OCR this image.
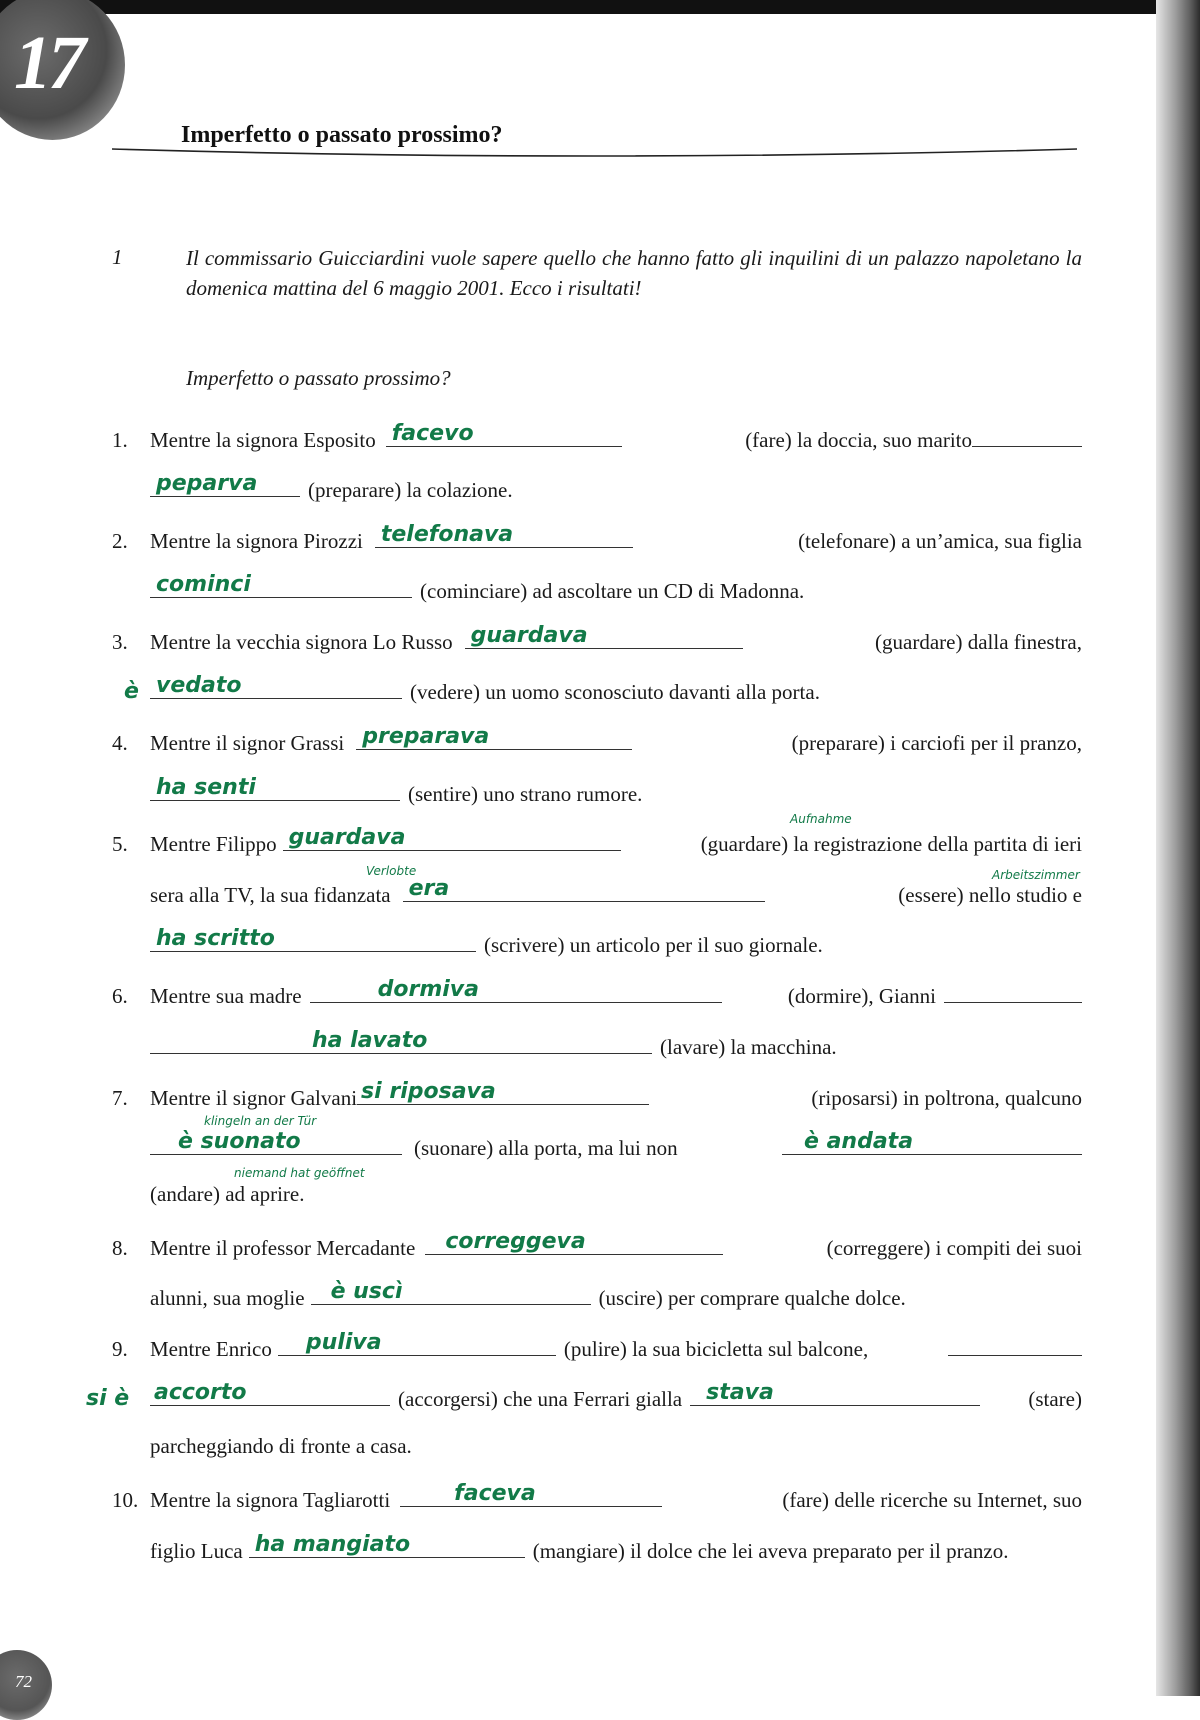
17
Imperfetto o passato prossimo?
1	Il commissario Guicciardini vuole sapere quello che hanno fatto gli inquilini di un palazzo napoletano la domenica mattina del 6 maggio 2001. Ecco i risultati!
Imperfetto o passato prossimo?
1.	Mentre la signora Esposito facevo	(fare) la doccia, suo marito
peparva (preparare) la colazione.
2.	Mentre la signora Pirozzi telefonava	(telefonare) a un’amica, sua figlia
cominci	(cominciare) ad ascoltare un CD di Madonna.
3.	Mentre la vecchia signora Lo Russo guardava	(guardare) dalla finestra,
è vedato	(vedere) un uomo sconosciuto davanti alla porta.
4.	Mentre il signor Grassi preparava	(preparare) i carciofi per il pranzo,
ha senti	(sentire) uno strano rumore.
5.	Mentre Filippo guardava	(guardare) la registrazione della partita di ieri
sera alla TV, la sua fidanzata era	(essere) nello studio e
ha scritto	(scrivere) un articolo per il suo giornale.
Aufnahme
Verlobte	Arbeitszimmer
6.	Mentre sua madre	dormiva	(dormire), Gianni
ha lavato	(lavare) la macchina.
7.	Mentre il signor Galvani si riposava	(riposarsi) in poltrona, qualcuno
è suonato	(suonare) alla porta, ma lui non	è andata
(andare) ad aprire.
klingeln an der Tür
niemand hat geöffnet
8.	Mentre il professor Mercadante correggeva	(correggere) i compiti dei suoi
alunni, sua moglie è uscì	(uscire) per comprare qualche dolce.
9.	Mentre Enrico puliva	(pulire) la sua bicicletta sul balcone,
si è accorto	(accorgersi) che una Ferrari gialla stava	(stare)
parcheggiando di fronte a casa.
10. Mentre la signora Tagliarotti	faceva	(fare) delle ricerche su Internet, suo
figlio Luca ha mangiato	(mangiare) il dolce che lei aveva preparato per il pranzo.
72
